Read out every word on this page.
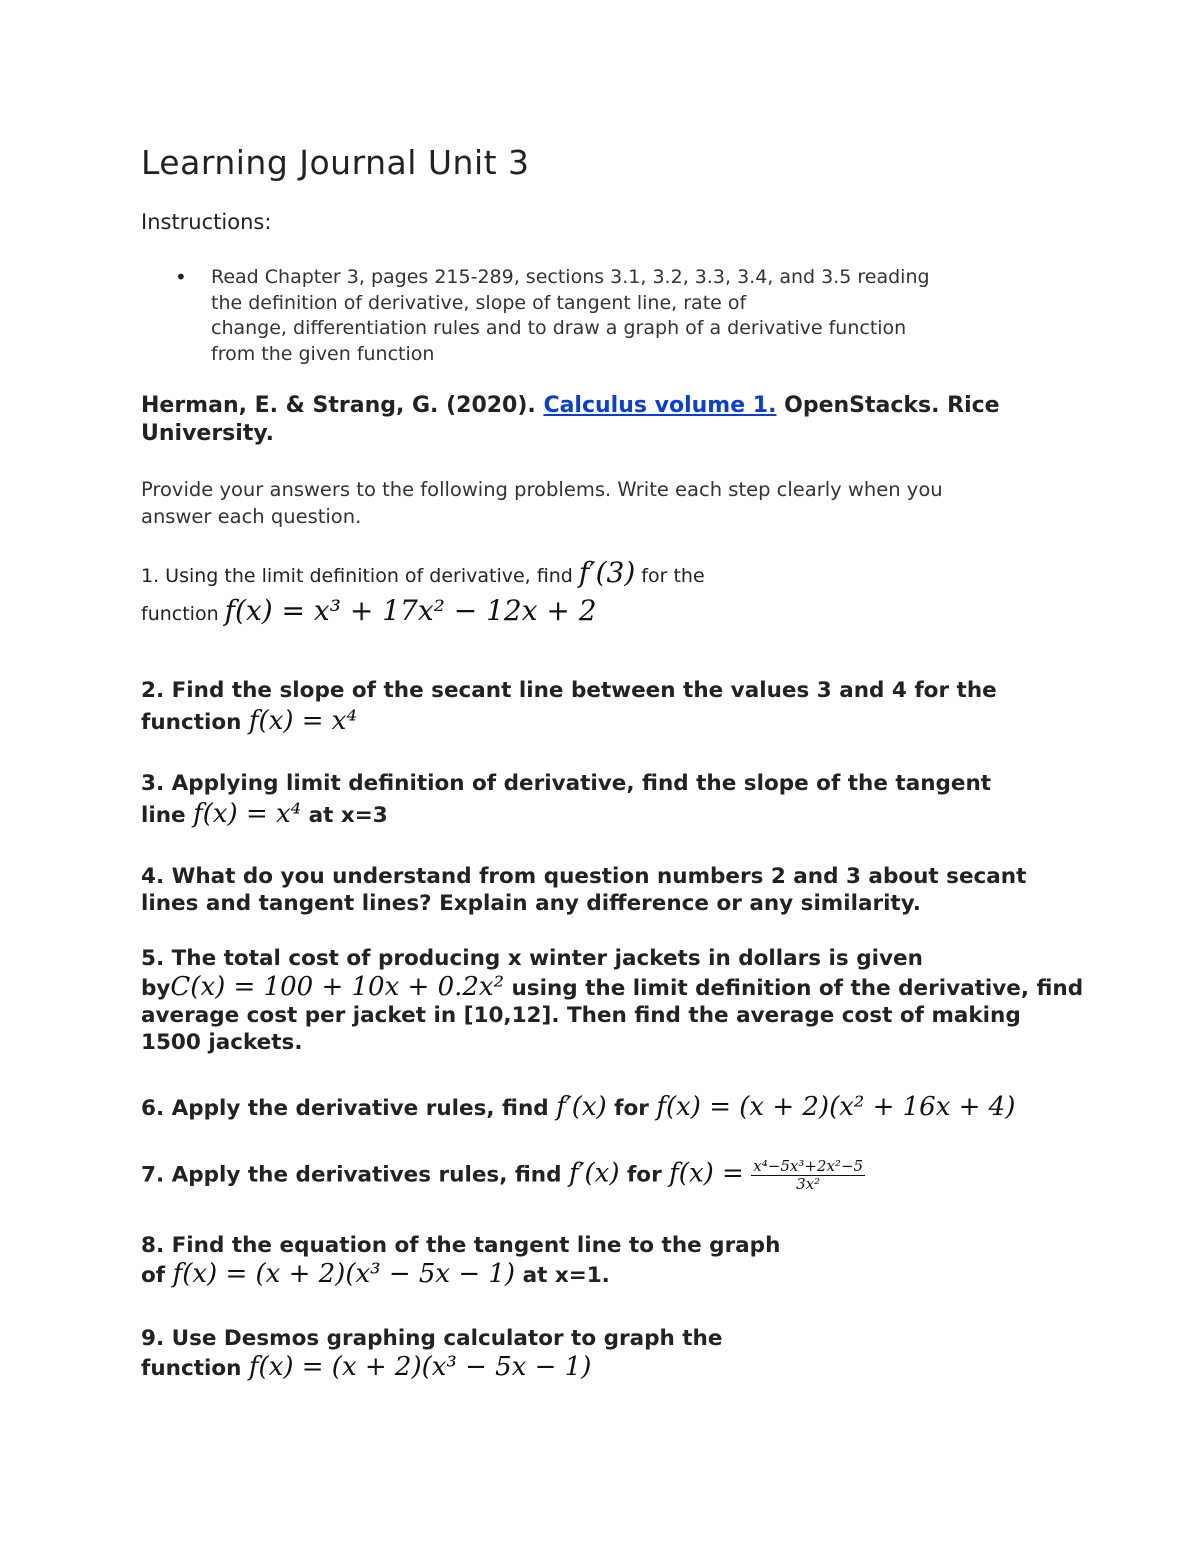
Learning Journal Unit 3
Instructions:
• Read Chapter 3, pages 215-289, sections 3.1, 3.2, 3.3, 3.4, and 3.5 reading
the definition of derivative, slope of tangent line, rate of
change, differentiation rules and to draw a graph of a derivative function
from the given function
Herman, E. & Strang, G. (2020). Calculus volume 1. OpenStacks. Rice
University.
Provide your answers to the following problems. Write each step clearly when you
answer each question.
1. Using the limit definition of derivative, find f′(3) for the
function f(x) = x³ + 17x² − 12x + 2
2. Find the slope of the secant line between the values 3 and 4 for the
function f(x) = x⁴
3. Applying limit definition of derivative, find the slope of the tangent
line f(x) = x⁴ at x=3
4. What do you understand from question numbers 2 and 3 about secant
lines and tangent lines? Explain any difference or any similarity.
5. The total cost of producing x winter jackets in dollars is given
byC(x) = 100 + 10x + 0.2x² using the limit definition of the derivative, find
average cost per jacket in [10,12]. Then find the average cost of making
1500 jackets.
6. Apply the derivative rules, find f′(x) for f(x) = (x + 2)(x² + 16x + 4)
7. Apply the derivatives rules, find f′(x) for $f(x) = \frac{\text{x⁴−5x³+2x²−5}}{\text{3x²}}$
8. Find the equation of the tangent line to the graph
of f(x) = (x + 2)(x³ − 5x − 1) at x=1.
9. Use Desmos graphing calculator to graph the
function f(x) = (x + 2)(x³ − 5x − 1)
